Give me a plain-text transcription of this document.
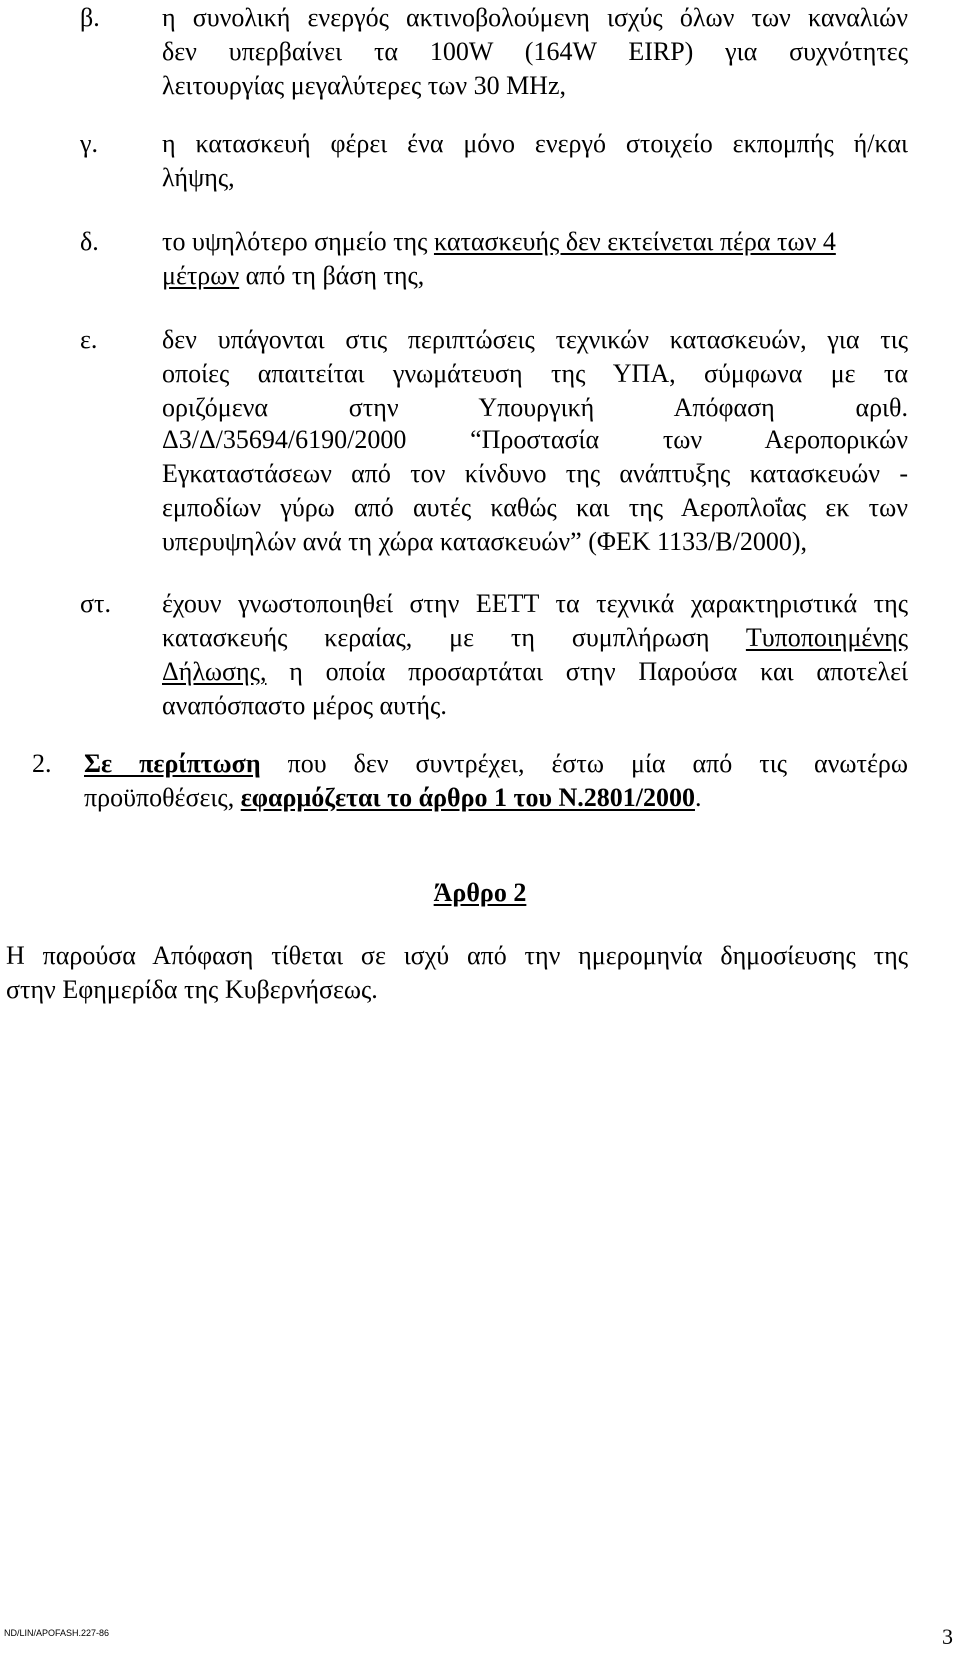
β. η συνολική ενεργός ακτινοβολούμενη ισχύς όλων των καναλιών
δεν υπερβαίνει τα 100W (164W EIRP) για συχνότητες
λειτουργίας μεγαλύτερες των 30 MHz,
γ. η κατασκευή φέρει ένα μόνο ενεργό στοιχείο εκπομπής ή/και
λήψης,
δ. το υψηλότερο σημείο της κατασκευής δεν εκτείνεται πέρα των 4
μέτρων από τη βάση της,
ε. δεν υπάγονται στις περιπτώσεις τεχνικών κατασκευών, για τις
οποίες απαιτείται γνωμάτευση της ΥΠΑ, σύμφωνα με τα
οριζόμενα στην Υπουργική Απόφαση αριθ.
Δ3/Δ/35694/6190/2000 “Προστασία των Αεροπορικών
Εγκαταστάσεων από τον κίνδυνο της ανάπτυξης κατασκευών -
εμποδίων γύρω από αυτές καθώς και της Αεροπλοΐας εκ των
υπερυψηλών ανά τη χώρα κατασκευών” (ΦΕΚ 1133/Β/2000),
στ. έχουν γνωστοποιηθεί στην ΕΕΤΤ τα τεχνικά χαρακτηριστικά της
κατασκευής κεραίας, με τη συμπλήρωση Τυποποιημένης
Δήλωσης, η οποία προσαρτάται στην Παρούσα και αποτελεί
αναπόσπαστο μέρος αυτής.
2. Σε περίπτωση που δεν συντρέχει, έστω μία από τις ανωτέρω
προϋποθέσεις, εφαρμόζεται το άρθρο 1 του Ν.2801/2000.
Άρθρο 2
Η παρούσα Απόφαση τίθεται σε ισχύ από την ημερομηνία δημοσίευσης της
στην Εφημερίδα της Κυβερνήσεως.
ND/LIN/APOFASH.227-86	3
